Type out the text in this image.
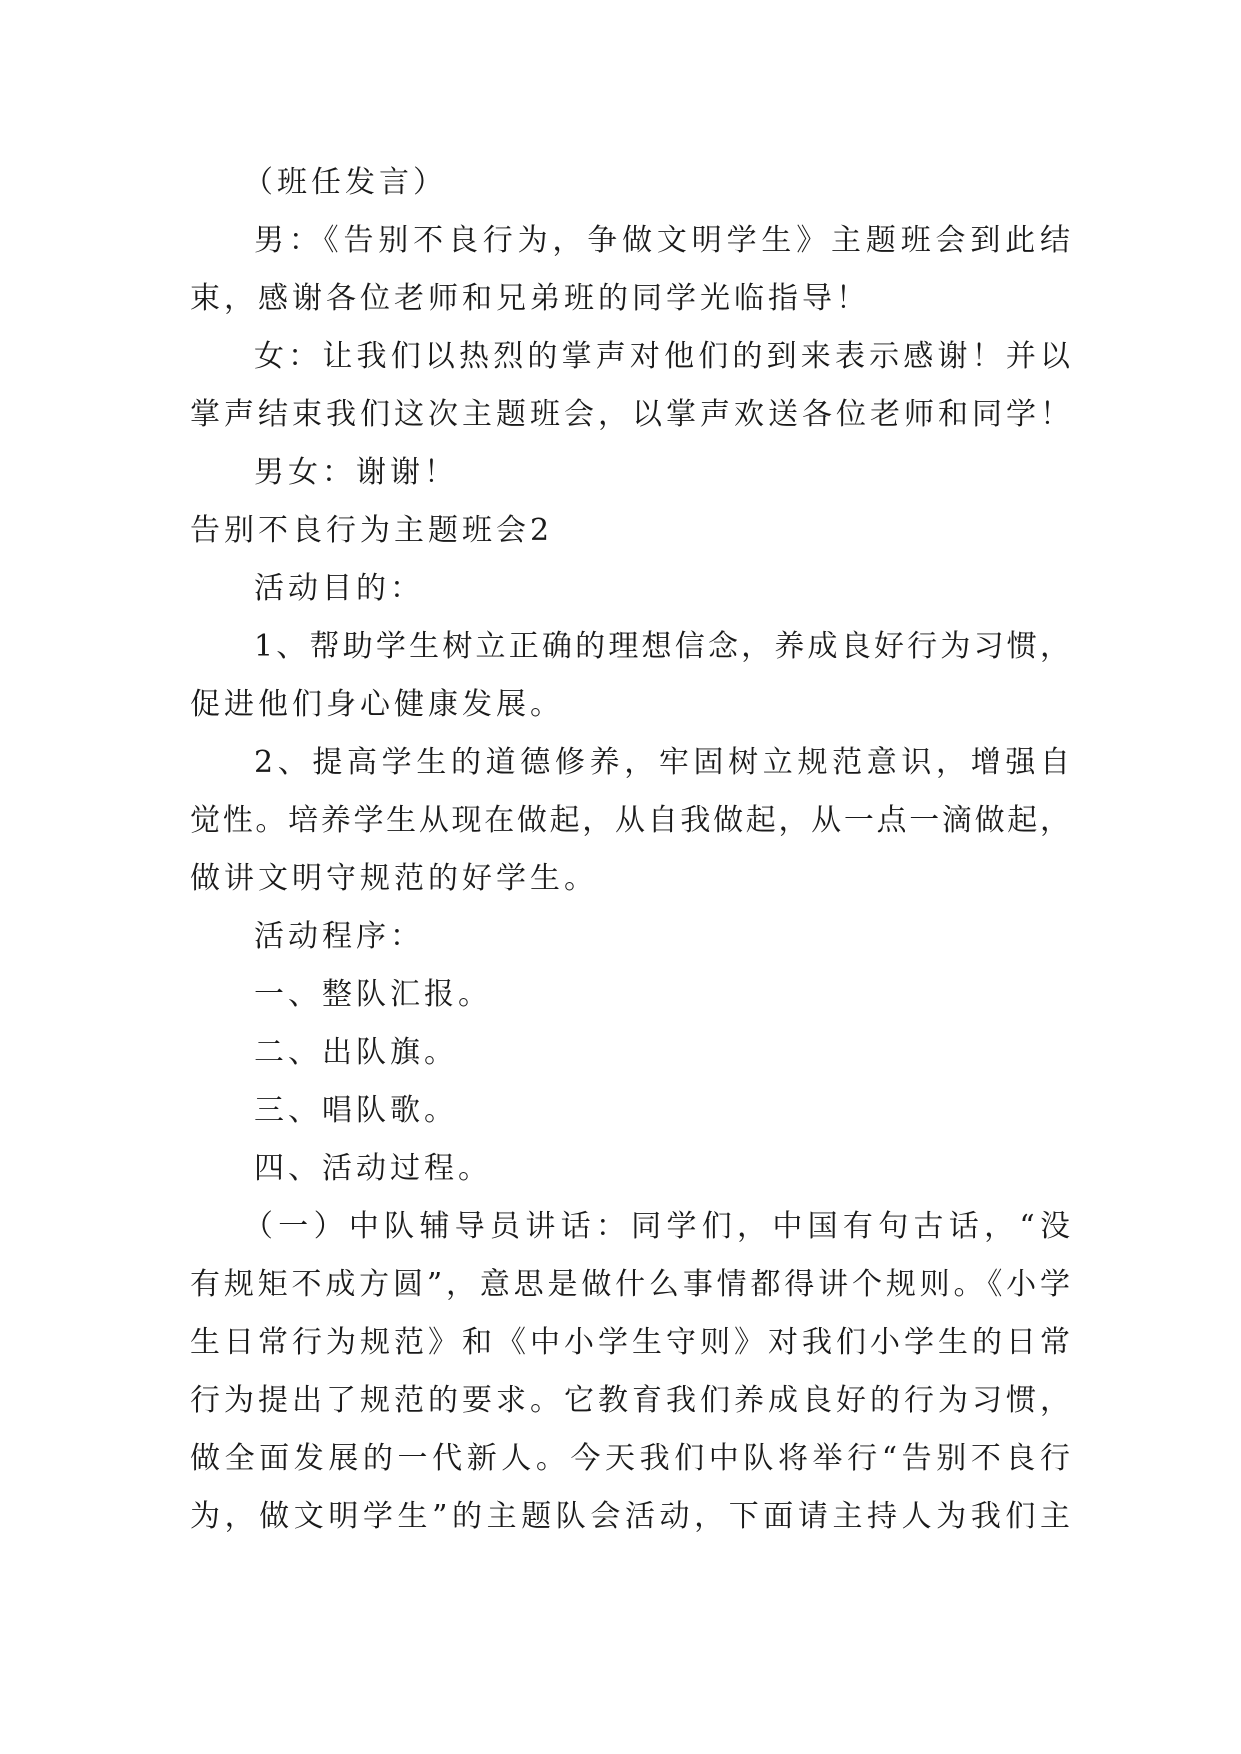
（班任发言）
男：《告别不良行为，争做文明学生》主题班会到此结
束，感谢各位老师和兄弟班的同学光临指导！
女：让我们以热烈的掌声对他们的到来表示感谢！并以
掌声结束我们这次主题班会，以掌声欢送各位老师和同学！
男女：谢谢！
告别不良行为主题班会2
活动目的：
1、帮助学生树立正确的理想信念，养成良好行为习惯，
促进他们身心健康发展。
2、提高学生的道德修养，牢固树立规范意识，增强自
觉性。培养学生从现在做起，从自我做起，从一点一滴做起，
做讲文明守规范的好学生。
活动程序：
一、整队汇报。
二、出队旗。
三、唱队歌。
四、活动过程。
（一）中队辅导员讲话：同学们，中国有句古话，“没
有规矩不成方圆”，意思是做什么事情都得讲个规则。《小学
生日常行为规范》和《中小学生守则》对我们小学生的日常
行为提出了规范的要求。它教育我们养成良好的行为习惯，
做全面发展的一代新人。今天我们中队将举行“告别不良行
为，做文明学生”的主题队会活动，下面请主持人为我们主
